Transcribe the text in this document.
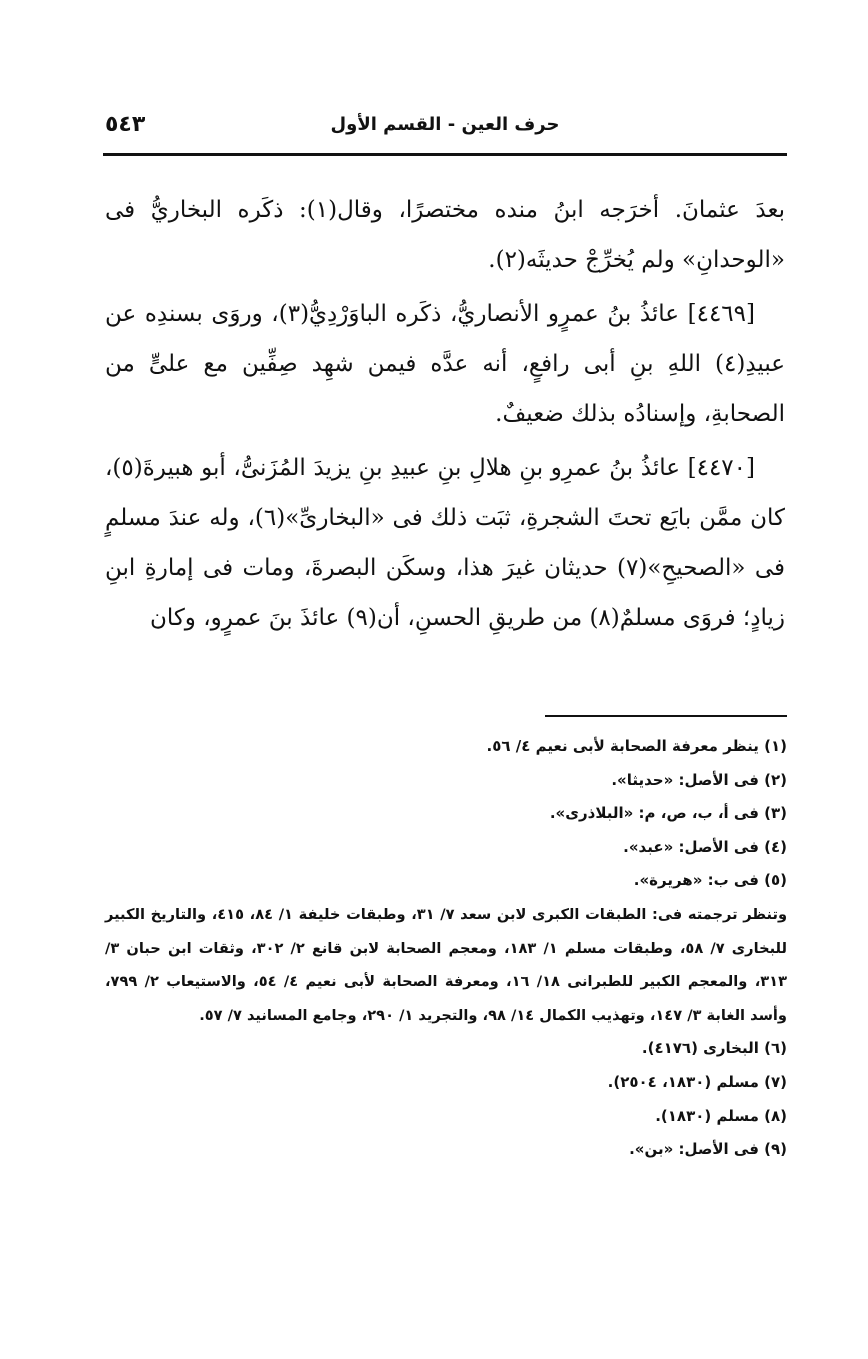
حرف العين - القسم الأول
٥٤٣

بعدَ عثمانَ. أخرَجه ابنُ منده مختصرًا، وقال(١): ذكَره البخاريُّ فى «الوحدانِ» ولم يُخرِّجْ حديثَه(٢).

[٤٤٦٩] عائذُ بنُ عمرٍو الأنصاريُّ، ذكَره الباوَرْدِيُّ(٣)، وروَى بسندِه عن عبيدِ(٤) اللهِ بنِ أبى رافعٍ، أنه عدَّه فيمن شهِد صِفِّين مع علىٍّ من الصحابةِ، وإسنادُه بذلك ضعيفٌ.

[٤٤٧٠] عائذُ بنُ عمرِو بنِ هلالِ بنِ عبيدِ بنِ يزيدَ المُزَنىُّ، أبو هبيرةَ(٥)، كان ممَّن بايَع تحتَ الشجرةِ، ثبَت ذلك فى «البخارىِّ»(٦)، وله عندَ مسلمٍ فى «الصحيحِ»(٧) حديثان غيرَ هذا، وسكَن البصرةَ، ومات فى إمارةِ ابنِ زيادٍ؛ فروَى مسلمٌ(٨) من طريقِ الحسنِ، أن(٩) عائذَ بنَ عمرٍو، وكان

(١) ينظر معرفة الصحابة لأبى نعيم ٤/ ٥٦.

(٢) فى الأصل: «حديثا».

(٣) فى أ، ب، ص، م: «البلاذرى».

(٤) فى الأصل: «عبد».

(٥) فى ب: «هريرة».

وتنظر ترجمته فى: الطبقات الكبرى لابن سعد ٧/ ٣١، وطبقات خليفة ١/ ٨٤، ٤١٥، والتاريخ الكبير للبخارى ٧/ ٥٨، وطبقات مسلم ١/ ١٨٣، ومعجم الصحابة لابن قانع ٢/ ٣٠٢، وثقات ابن حبان ٣/ ٣١٣، والمعجم الكبير للطبرانى ١٨/ ١٦، ومعرفة الصحابة لأبى نعيم ٤/ ٥٤، والاستيعاب ٢/ ٧٩٩، وأسد الغابة ٣/ ١٤٧، وتهذيب الكمال ١٤/ ٩٨، والتجريد ١/ ٢٩٠، وجامع المسانيد ٧/ ٥٧.

(٦) البخارى (٤١٧٦).

(٧) مسلم (١٨٣٠، ٢٥٠٤).

(٨) مسلم (١٨٣٠).

(٩) فى الأصل: «بن».
